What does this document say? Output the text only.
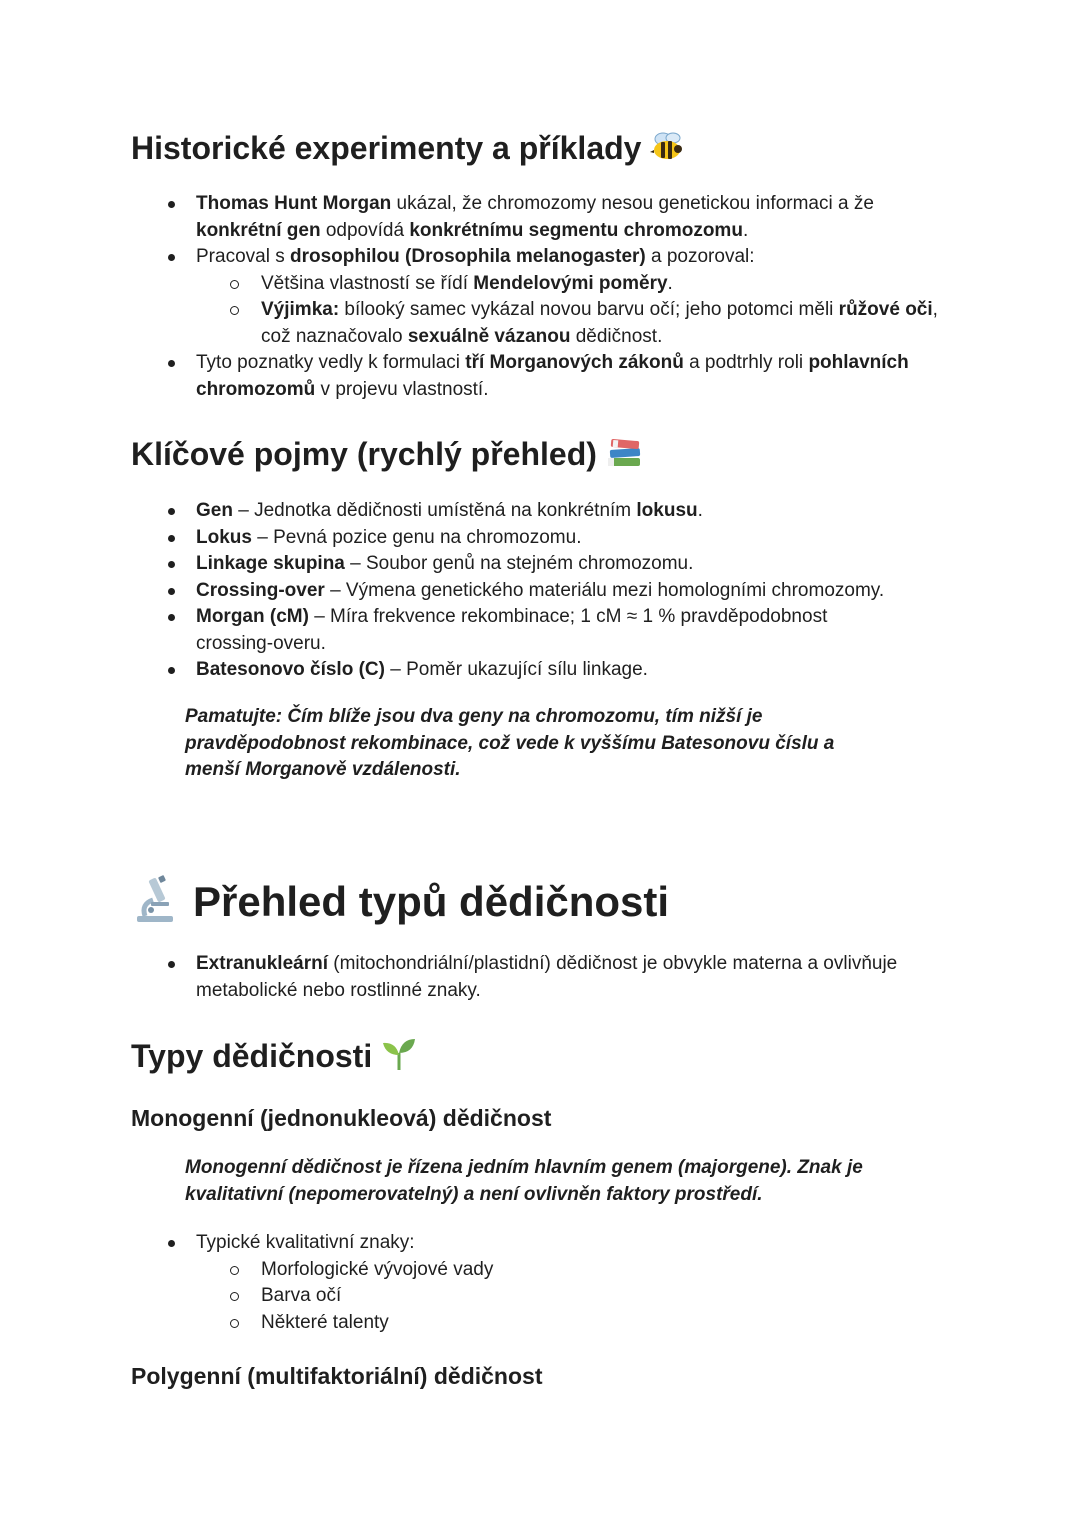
Historické experimenty a příklady
Thomas Hunt Morgan ukázal, že chromozomy nesou genetickou informaci a že konkrétní gen odpovídá konkrétnímu segmentu chromozomu.
Pracoval s drosophilou (Drosophila melanogaster) a pozoroval:
Většina vlastností se řídí Mendelovými poměry.
Výjimka: bílooký samec vykázal novou barvu očí; jeho potomci měli růžové oči, což naznačovalo sexuálně vázanou dědičnost.
Tyto poznatky vedly k formulaci tří Morganových zákonů a podtrhly roli pohlavních chromozomů v projevu vlastností.
Klíčové pojmy (rychlý přehled)
Gen – Jednotka dědičnosti umístěná na konkrétním lokusu.
Lokus – Pevná pozice genu na chromozomu.
Linkage skupina – Soubor genů na stejném chromozomu.
Crossing-over – Výmena genetického materiálu mezi homologními chromozomy.
Morgan (cM) – Míra frekvence rekombinace; 1 cM ≈ 1 % pravděpodobnost crossing-overu.
Batesonovo číslo (C) – Poměr ukazující sílu linkage.
Pamatujte: Čím blíže jsou dva geny na chromozomu, tím nižší je pravděpodobnost rekombinace, což vede k vyššímu Batesonovu číslu a menší Morganově vzdálenosti.
Přehled typů dědičnosti
Extranukleární (mitochondriální/plastidní) dědičnost je obvykle materna a ovlivňuje metabolické nebo rostlinné znaky.
Typy dědičnosti
Monogenní (jednonukleová) dědičnost
Monogenní dědičnost je řízena jedním hlavním genem (majorgene). Znak je kvalitativní (nepomerovatelný) a není ovlivněn faktory prostředí.
Typické kvalitativní znaky:
Morfologické vývojové vady
Barva očí
Některé talenty
Polygenní (multifaktoriální) dědičnost
